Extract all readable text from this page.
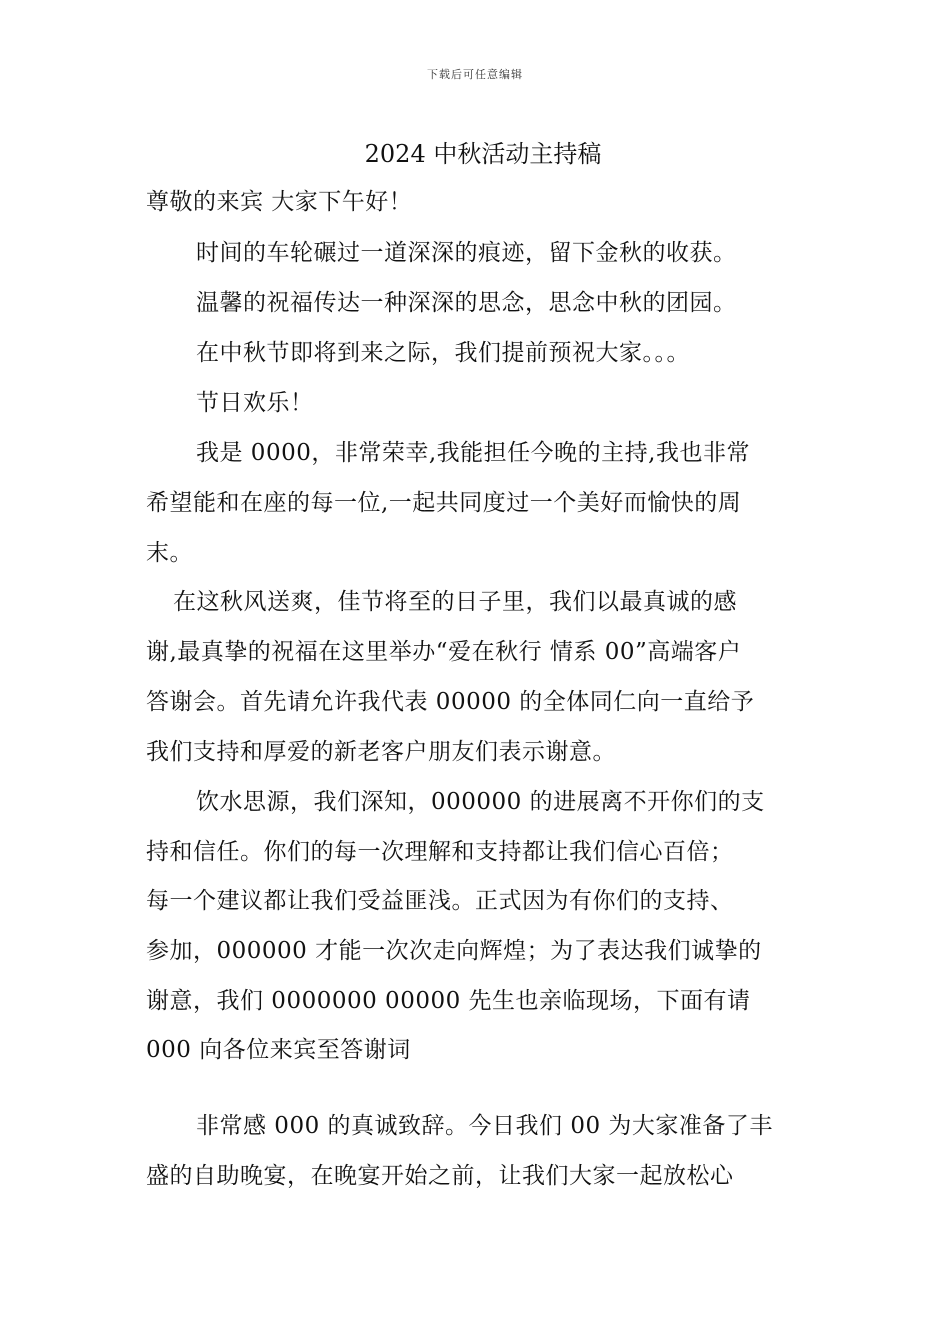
下载后可任意编辑
2024 中秋活动主持稿
尊敬的来宾 大家下午好！
时间的车轮碾过一道深深的痕迹，留下金秋的收获。
温馨的祝福传达一种深深的思念，思念中秋的团园。
在中秋节即将到来之际，我们提前预祝大家。。。
节日欢乐！
我是 0000，非常荣幸,我能担任今晚的主持,我也非常
希望能和在座的每一位,一起共同度过一个美好而愉快的周
末。
在这秋风送爽，佳节将至的日子里，我们以最真诚的感
谢,最真挚的祝福在这里举办“爱在秋行 情系 00”高端客户
答谢会。首先请允许我代表 00000 的全体同仁向一直给予
我们支持和厚爱的新老客户朋友们表示谢意。
饮水思源，我们深知，000000 的进展离不开你们的支
持和信任。你们的每一次理解和支持都让我们信心百倍；
每一个建议都让我们受益匪浅。正式因为有你们的支持、
参加，000000 才能一次次走向辉煌；为了表达我们诚挚的
谢意，我们 0000000 00000 先生也亲临现场，下面有请
000 向各位来宾至答谢词
非常感 000 的真诚致辞。今日我们 00 为大家准备了丰
盛的自助晚宴，在晚宴开始之前，让我们大家一起放松心
